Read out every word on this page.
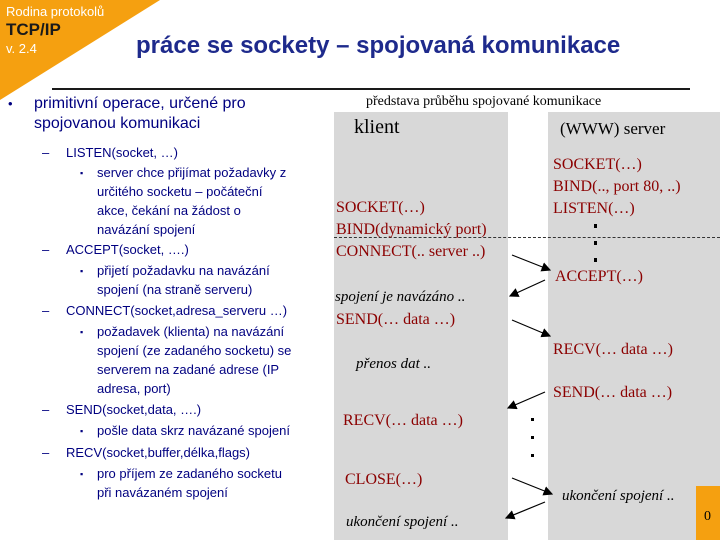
Rodina protokolů
TCP/IP
v. 2.4	práce se sockety – spojovaná komunikace
• primitivní operace, určené pro spojovanou komunikaci
– LISTEN(socket, …)
▪ server chce přijímat požadavky z
určitého socketu – počáteční
akce, čekání na žádost o
navázání spojení
– ACCEPT(socket, ….)
▪ přijetí požadavku na navázání
spojení (na straně serveru)
– CONNECT(socket,adresa_serveru …)
▪ požadavek (klienta) na navázání
spojení (ze zadaného socketu) se
serverem na zadané adrese (IP
adresa, port)
– SEND(socket,data, ….)
▪ pošle data skrz navázané spojení
– RECV(socket,buffer,délka,flags)
▪ pro příjem ze zadaného socketu
při navázaném spojení
představa průběhu spojované komunikace
klient	(WWW) server
SOCKET(…)
BIND(.., port 80, ..)
LISTEN(…)
SOCKET(…)
BIND(dynamický port)
CONNECT(.. server ..)
ACCEPT(…)
spojení je navázáno ..
SEND(… data …)
RECV(… data …)
přenos dat ..
SEND(… data …)
RECV(… data …)
CLOSE(…)
ukončení spojení ..
ukončení spojení ..	0
